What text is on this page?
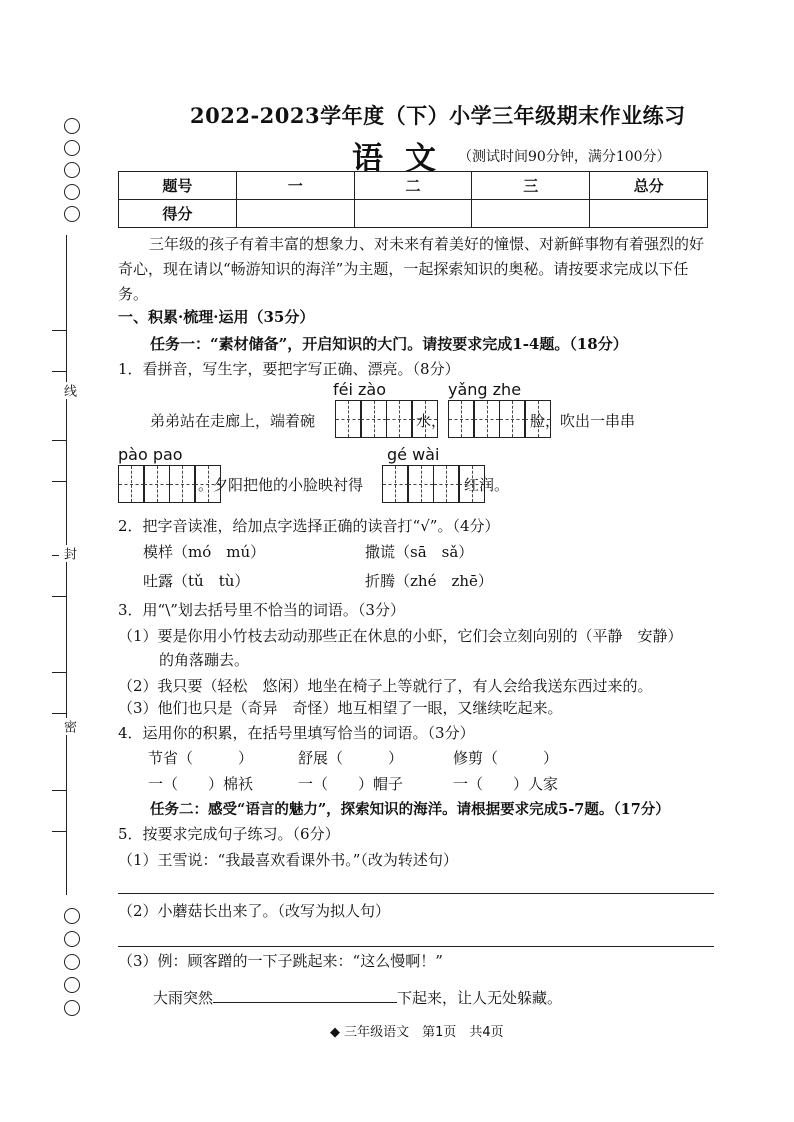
线
封
密
2022-2023学年度（下）小学三年级期末作业练习
语文 （测试时间90分钟，满分100分）
题号	一	二	三	总分
得分				
三年级的孩子有着丰富的想象力、对未来有着美好的憧憬、对新鲜事物有着强烈的好奇心，现在请以“畅游知识的海洋”为主题，一起探索知识的奥秘。请按要求完成以下任务。
一、积累·梳理·运用（35分）
任务一：“素材储备”，开启知识的大门。请按要求完成1-4题。（18分）
1．看拼音，写生字，要把字写正确、漂亮。（8分）
féi zào	yǎng zhe
弟弟站在走廊上，端着碗	水，	脸，吹出一串串
pào pao	gé wài
。夕阳把他的小脸映衬得	红润。
2．把字音读准，给加点字选择正确的读音打“√”。（4分）
模样（mó　mú）	撒谎（sā　sǎ）
吐露（tǔ　tù）	折腾（zhé　zhē）
3．用“\”划去括号里不恰当的词语。（3分）
（1）要是你用小竹枝去动动那些正在休息的小虾，它们会立刻向别的（平静　安静）
的角落蹦去。
（2）我只要（轻松　悠闲）地坐在椅子上等就行了，有人会给我送东西过来的。
（3）他们也只是（奇异　奇怪）地互相望了一眼，又继续吃起来。
4．运用你的积累，在括号里填写恰当的词语。（3分）
节省（　　　）	舒展（　　　）	修剪（　　　）
一（　　）棉袄	一（　　）帽子	一（　　）人家
任务二：感受“语言的魅力”，探索知识的海洋。请根据要求完成5-7题。（17分）
5．按要求完成句子练习。（6分）
（1）王雪说：“我最喜欢看课外书。”（改为转述句）
（2）小蘑菇长出来了。（改写为拟人句）
（3）例：顾客蹭的一下子跳起来：“这么慢啊！”
大雨突然	下起来，让人无处躲藏。
◆ 三年级语文　第1页　共4页
